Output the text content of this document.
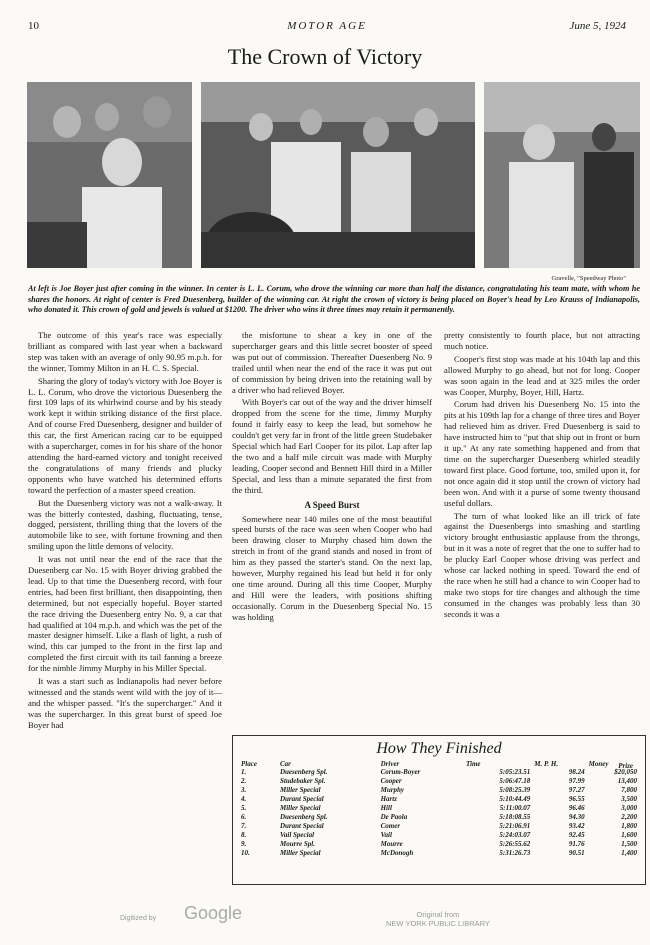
10	MOTOR AGE	June 5, 1924
The Crown of Victory
Gravelle, "Speedway Photo"
At left is Joe Boyer just after coming in the winner. In center is L. L. Corum, who drove the winning car more than half the distance, congratulating his team mate, with whom he shares the honors. At right of center is Fred Duesenberg, builder of the winning car. At right the crown of victory is being placed on Boyer's head by Leo Krauss of Indianapolis, who donated it. This crown of gold and jewels is valued at $1200. The driver who wins it three times may retain it permanently.

The outcome of this year's race was especially brilliant as compared with last year when a backward step was taken with an average of only 90.95 m.p.h. for the winner, Tommy Milton in an H. C. S. Special.

Sharing the glory of today's victory with Joe Boyer is L. L. Corum, who drove the victorious Duesenberg the first 109 laps of its whirlwind course and by his steady work kept it within striking distance of the first place. And of course Fred Duesenberg, designer and builder of this car, the first American racing car to be equipped with a supercharger, comes in for his share of the honor attending the hard-earned victory and tonight received the congratulations of many friends and plucky opponents who have watched his determined efforts toward the perfection of a master speed creation.

But the Duesenberg victory was not a walk-away. It was the bitterly contested, dashing, fluctuating, tense, dogged, persistent, thrilling thing that the lovers of the automobile like to see, with fortune frowning and then smiling upon the little demons of velocity.

It was not until near the end of the race that the Duesenberg car No. 15 with Boyer driving grabbed the lead. Up to that time the Duesenberg record, with four entries, had been first brilliant, then disappointing, then determined, but not especially hopeful. Boyer started the race driving the Duesenberg entry No. 9, a car that had qualified at 104 m.p.h. and which was the pet of the master designer himself. Like a flash of light, a rush of wind, this car jumped to the front in the first lap and completed the first circuit with its tail fanning a breeze for the nimble Jimmy Murphy in his Miller Special.

It was a start such as Indianapolis had never before witnessed and the stands went wild with the joy of it—and the whisper passed. "It's the supercharger." And it was the supercharger. In this great burst of speed Joe Boyer had

the misfortune to shear a key in one of the supercharger gears and this little secret booster of speed was put out of commission. Thereafter Duesenberg No. 9 trailed until when near the end of the race it was put out of commission by being driven into the retaining wall by a driver who had relieved Boyer.

With Boyer's car out of the way and the driver himself dropped from the scene for the time, Jimmy Murphy found it fairly easy to keep the lead, but somehow he couldn't get very far in front of the little green Studebaker Special which had Earl Cooper for its pilot. Lap after lap the two and a half mile circuit was made with Murphy leading, Cooper second and Bennett Hill third in a Miller Special, and less than a minute separated the first from the third.

A Speed Burst

Somewhere near 140 miles one of the most beautiful speed bursts of the race was seen when Cooper who had been drawing closer to Murphy chased him down the stretch in front of the grand stands and nosed in front of him as they passed the starter's stand. On the next lap, however, Murphy regained his lead but held it for only one time around. During all this time Cooper, Murphy and Hill were the leaders, with positions shifting occasionally. Corum in the Duesenberg Special No. 15 was holding

pretty consistently to fourth place, but not attracting much notice.

Cooper's first stop was made at his 104th lap and this allowed Murphy to go ahead, but not for long. Cooper was soon again in the lead and at 325 miles the order was Cooper, Murphy, Boyer, Hill, Hartz.

Corum had driven his Duesenberg No. 15 into the pits at his 109th lap for a change of three tires and Boyer had relieved him as driver. Fred Duesenberg is said to have instructed him to "put that ship out in front or burn it up." At any rate something happened and from that time on the supercharger Duesenberg whirled steadily toward first place. Good fortune, too, smiled upon it, for not once again did it stop until the crown of victory had been won. And with it a purse of some twenty thousand useful dollars.

The turn of what looked like an ill trick of fate against the Duesenbergs into smashing and startling victory brought enthusiastic applause from the throngs, but in it was a note of regret that the one to suffer had to be plucky Earl Cooper whose driving was perfect and whose car lacked nothing in speed. Toward the end of the race when he still had a chance to win Cooper had to make two stops for tire changes and although the time consumed in the changes was probably less than 30 seconds it was a

How They Finished
Prize
Place	Car	Driver	Time	M. P. H.	Money
1.	Duesenberg Spl.	Corum-Boyer	5:05:23.51	98.24	$20,050
2.	Studebaker Spl.	Cooper	5:06:47.18	97.99	13,400
3.	Miller Special	Murphy	5:08:25.39	97.27	7,800
4.	Durant Special	Hartz	5:10:44.49	96.55	3,500
5.	Miller Special	Hill	5:11:00.07	96.46	3,000
6.	Duesenberg Spl.	De Paola	5:18:08.55	94.30	2,200
7.	Durant Special	Comer	5:21:06.91	93.42	1,800
8.	Vail Special	Vail	5:24:03.07	92.45	1,600
9.	Mourre Spl.	Mourre	5:26:55.62	91.76	1,500
10.	Miller Special	McDonogh	5:31:26.73	90.51	1,400
Digitized by Google	Original from
NEW YORK PUBLIC LIBRARY
